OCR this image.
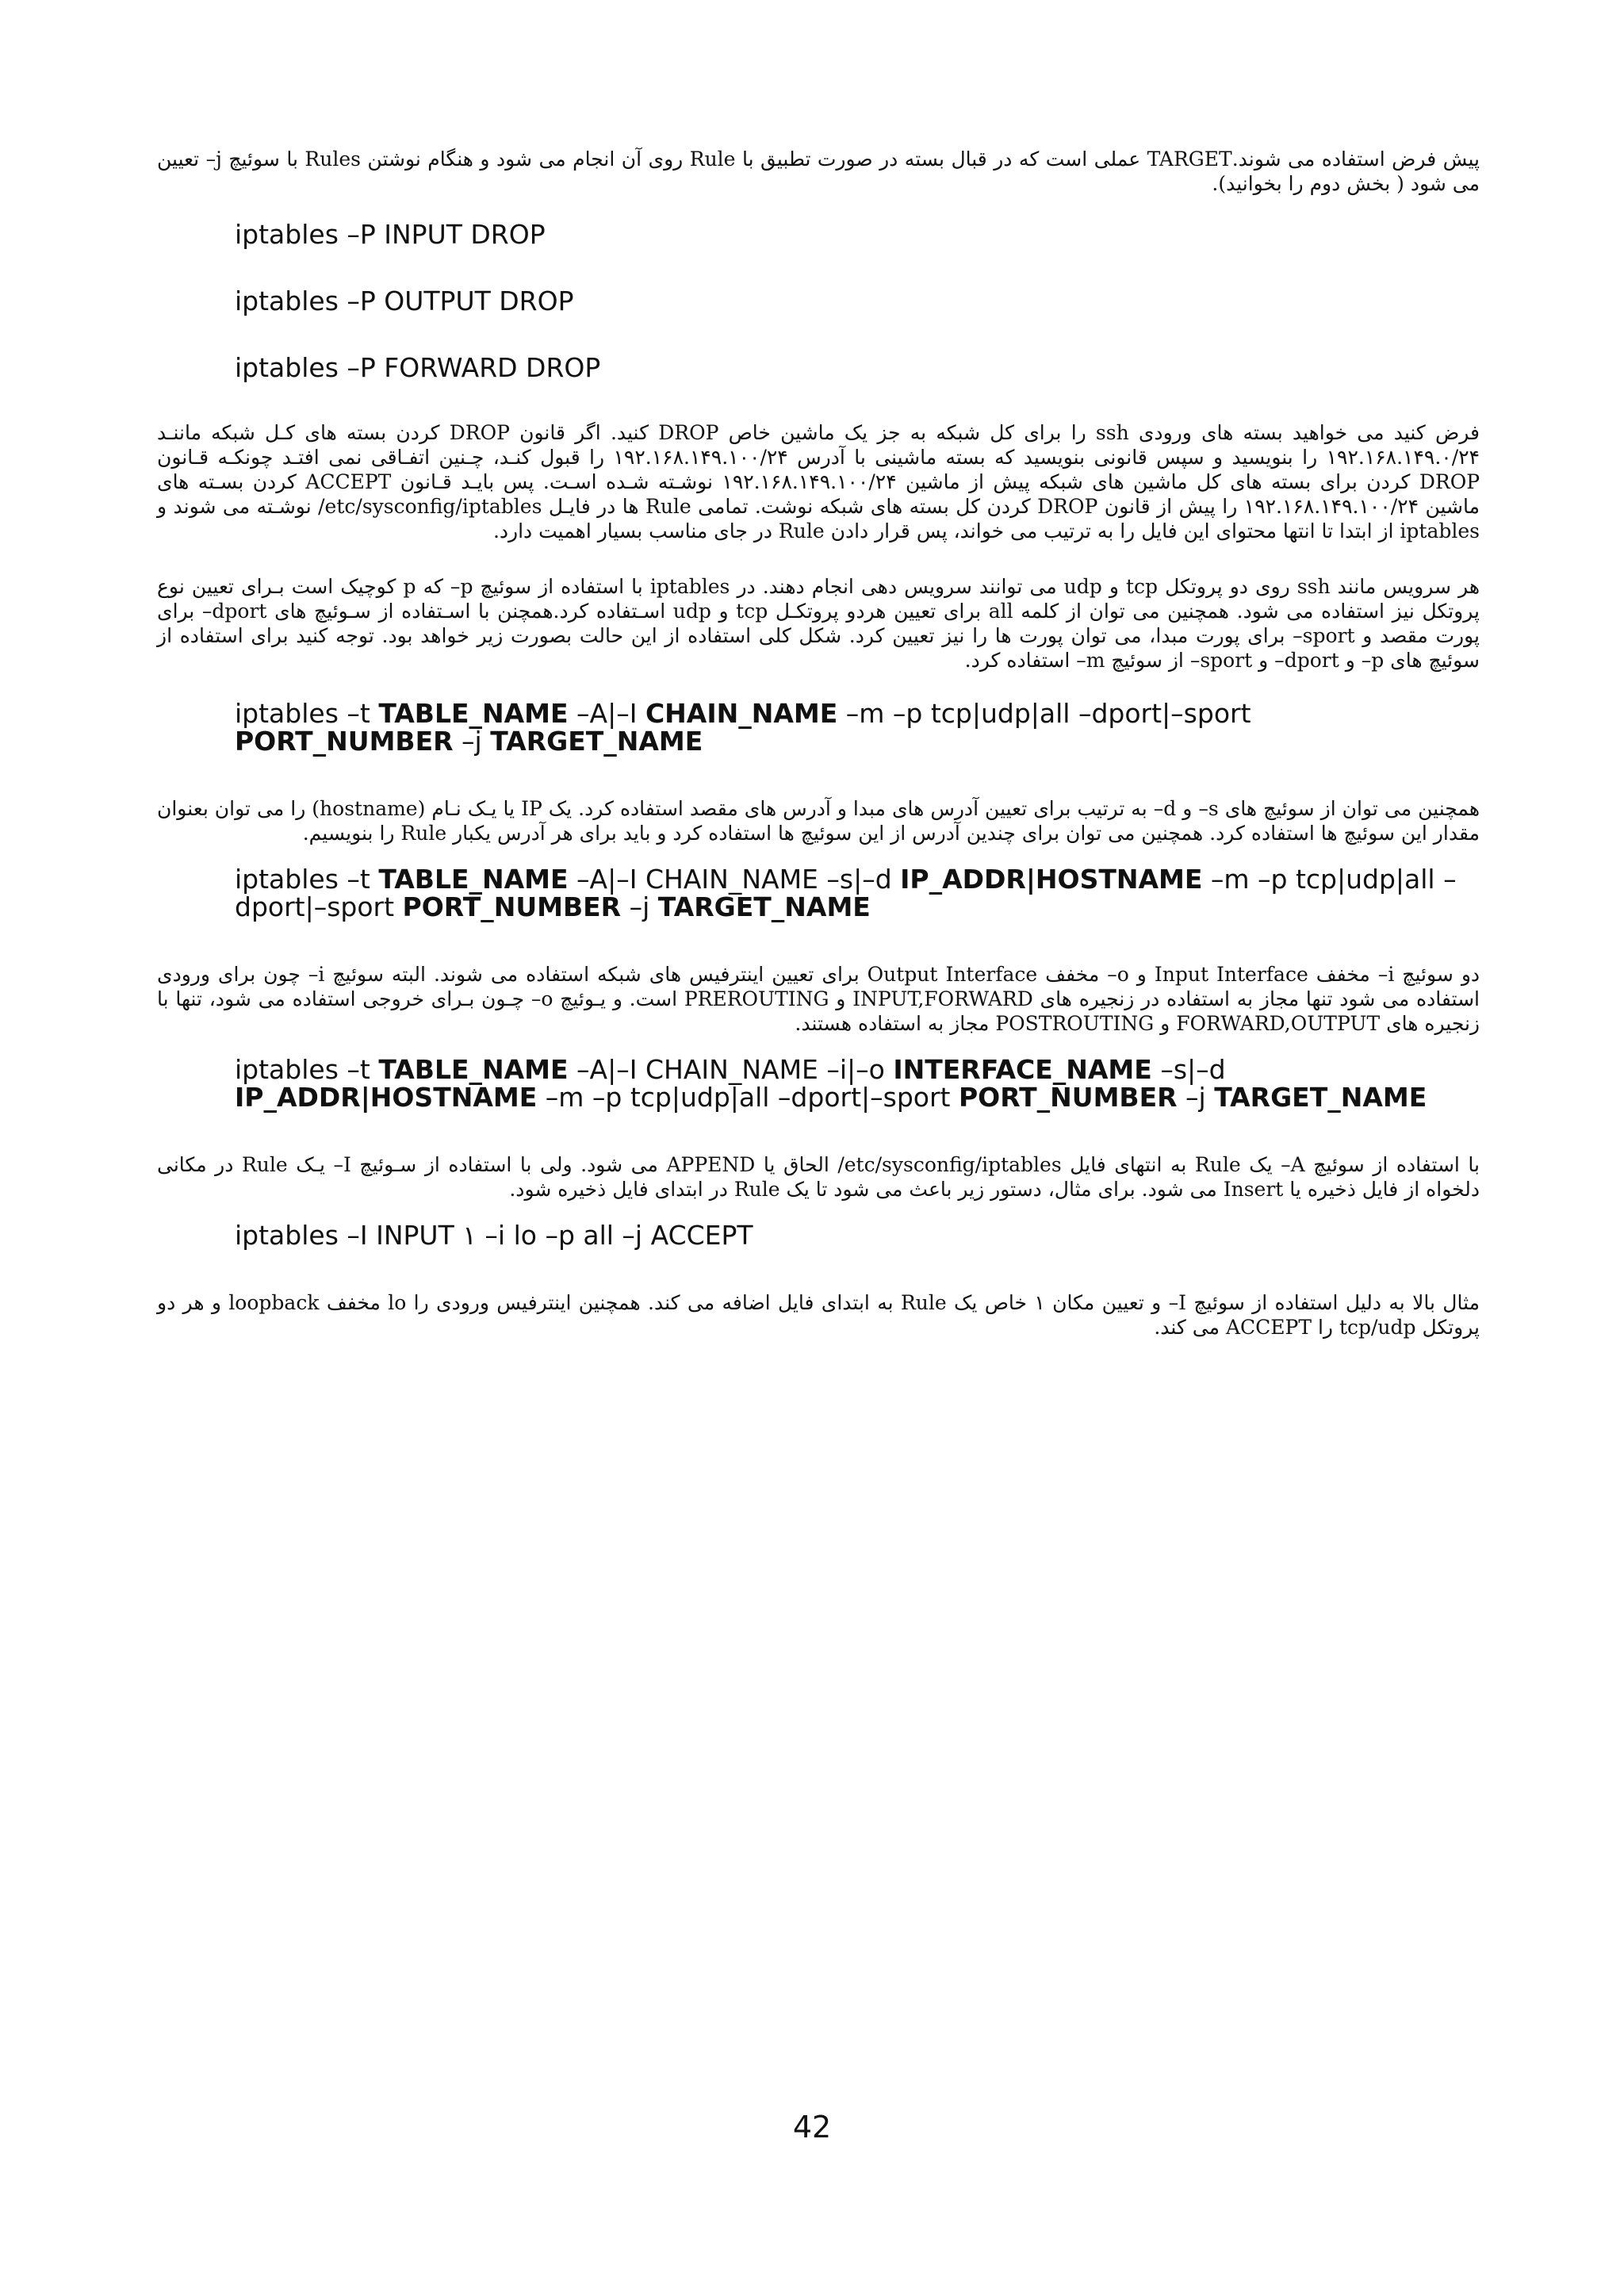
پیش فرض استفاده می شوند.TARGET عملی است که در قبال بسته در صورت تطبیق با Rule روی آن انجام می شود و هنگام نوشتن Rules با سوئیچ j– تعیین می شود ( بخش دوم را بخوانید).

iptables –P INPUT DROP

iptables –P OUTPUT DROP

iptables –P FORWARD DROP

فرض کنید می خواهید بسته های ورودی ssh را برای کل شبکه به جز یک ماشین خاص DROP کنید. اگر قانون DROP کردن بسته های کـل شبکه ماننـد ۱۹۲.۱۶۸.۱۴۹.۰/۲۴ را بنویسید و سپس قانونی بنویسید که بسته ماشینی با آدرس ۱۹۲.۱۶۸.۱۴۹.۱۰۰/۲۴ را قبول کنـد، چـنین اتفـاقی نمی افتـد چونکـه قـانون DROP کردن برای بسته های کل ماشین های شبکه پیش از ماشین ۱۹۲.۱۶۸.۱۴۹.۱۰۰/۲۴ نوشـته شـده اسـت. پس بایـد قـانون ACCEPT کردن بسـته های ماشین ۱۹۲.۱۶۸.۱۴۹.۱۰۰/۲۴ را پیش از قانون DROP کردن کل بسته های شبکه نوشت. تمامی Rule ها در فایـل etc/sysconfig/iptables/ نوشـته می شوند و iptables از ابتدا تا انتها محتوای این فایل را به ترتیب می خواند، پس قرار دادن Rule در جای مناسب بسیار اهمیت دارد.

هر سرویس مانند ssh روی دو پروتکل tcp و udp می توانند سرویس دهی انجام دهند. در iptables با استفاده از سوئیچ p– که p کوچیک است بـرای تعیین نوع پروتکل نیز استفاده می شود. همچنین می توان از کلمه all برای تعیین هردو پروتکـل tcp و udp اسـتفاده کرد.همچنن با اسـتفاده از سـوئیچ های dport– برای پورت مقصد و sport– برای پورت مبدا، می توان پورت ها را نیز تعیین کرد. شکل کلی استفاده از این حالت بصورت زیر خواهد بود. توجه کنید برای استفاده از سوئیچ های p– و dport– و sport– از سوئیچ m– استفاده کرد.

iptables –t TABLE_NAME –A|–I CHAIN_NAME –m –p tcp|udp|all –dport|–sport PORT_NUMBER –j TARGET_NAME

همچنین می توان از سوئیچ های s– و d– به ترتیب برای تعیین آدرس های مبدا و آدرس های مقصد استفاده کرد. یک IP یا یـک نـام (hostname) را می توان بعنوان مقدار این سوئیچ ها استفاده کرد. همچنین می توان برای چندین آدرس از این سوئیچ ها استفاده کرد و باید برای هر آدرس یکبار Rule را بنویسیم.

iptables –t TABLE_NAME –A|–I CHAIN_NAME –s|–d IP_ADDR|HOSTNAME –m –p tcp|udp|all –dport|–sport PORT_NUMBER –j TARGET_NAME

دو سوئیچ i– مخفف Input Interface و o– مخفف Output Interface برای تعیین اینترفیس های شبکه استفاده می شوند. البته سوئیچ i– چون برای ورودی استفاده می شود تنها مجاز به استفاده در زنجیره های INPUT,FORWARD و PREROUTING است. و یـوئیچ o– چـون بـرای خروجی استفاده می شود، تنها با زنجیره های FORWARD,OUTPUT و POSTROUTING مجاز به استفاده هستند.

iptables –t TABLE_NAME –A|–I CHAIN_NAME –i|–o INTERFACE_NAME –s|–d IP_ADDR|HOSTNAME –m –p tcp|udp|all –dport|–sport PORT_NUMBER –j TARGET_NAME

با استفاده از سوئیچ A– یک Rule به انتهای فایل etc/sysconfig/iptables/ الحاق یا APPEND می شود. ولی با استفاده از سـوئیچ I– یـک Rule در مکانی دلخواه از فایل ذخیره یا Insert می شود. برای مثال، دستور زیر باعث می شود تا یک Rule در ابتدای فایل ذخیره شود.

iptables –I INPUT ۱ –i lo –p all –j ACCEPT

مثال بالا به دلیل استفاده از سوئیچ I– و تعیین مکان ۱ خاص یک Rule به ابتدای فایل اضافه می کند. همچنین اینترفیس ورودی را lo مخفف loopback و هر دو پروتکل tcp/udp را ACCEPT می کند.

42
